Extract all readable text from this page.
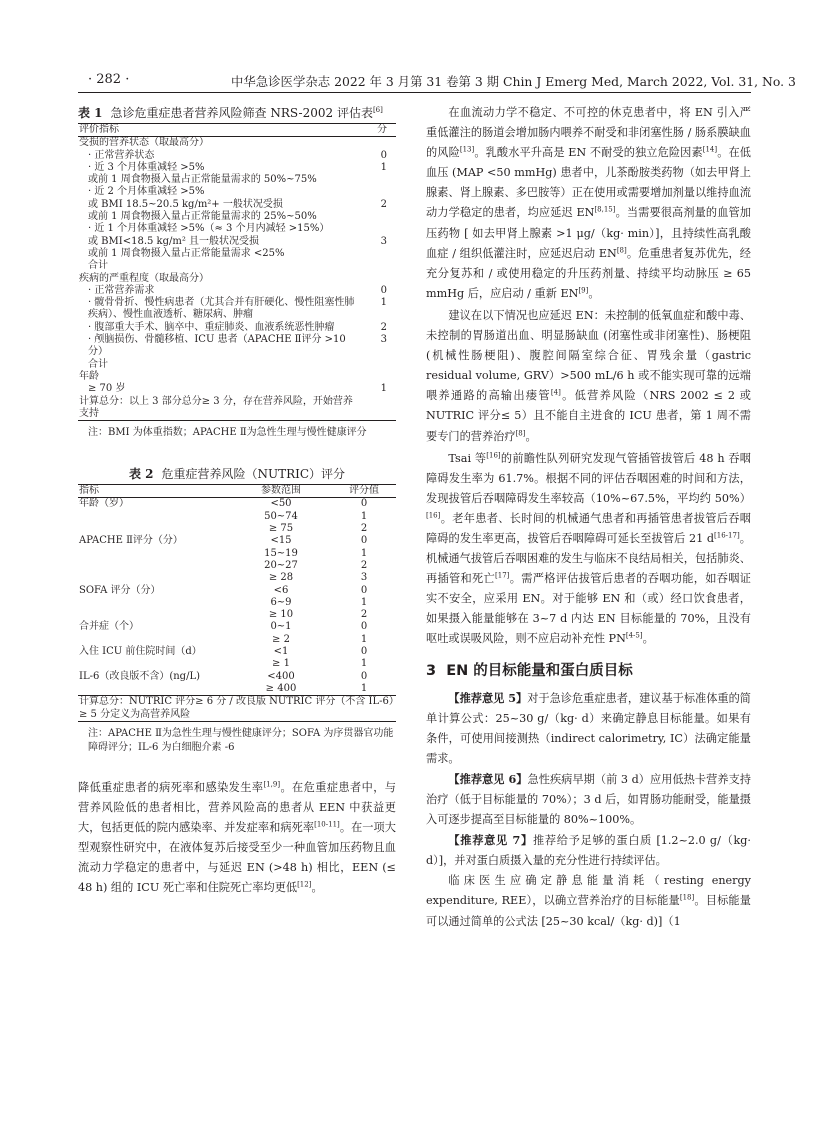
· 282 ·	中华急诊医学杂志 2022 年 3 月第 31 卷第 3 期 Chin J Emerg Med, March 2022, Vol. 31, No. 3
表 1 急诊危重症患者营养风险筛查 NRS-2002 评估表[6]
评价指标	分
受损的营养状态（取最高分）	
· 正常营养状态	0
· 近 3 个月体重减轻 >5%	1
或前 1 周食物摄入量占正常能量需求的 50%~75%	
· 近 2 个月体重减轻 >5%	
或 BMI 18.5~20.5 kg/m²+ 一般状况受损	2
或前 1 周食物摄入量占正常能量需求的 25%~50%	
· 近 1 个月体重减轻 >5%（≈ 3 个月内减轻 >15%）	
或 BMI<18.5 kg/m² 且一般状况受损	3
或前 1 周食物摄入量占正常能量需求 <25%	
合计	
疾病的严重程度（取最高分）	
· 正常营养需求	0
· 髋骨骨折、慢性病患者（尤其合并有肝硬化、慢性阻塞性肺疾病）、慢性血液透析、糖尿病、肿瘤	1
· 腹部重大手术、脑卒中、重症肺炎、血液系统恶性肿瘤	2
· 颅脑损伤、骨髓移植、ICU 患者（APACHE Ⅱ评分 >10 分）	3
合计	
年龄	
≥ 70 岁	1
计算总分：以上 3 部分总分≥ 3 分，存在营养风险，开始营养支持	
注：BMI 为体重指数；APACHE Ⅱ为急性生理与慢性健康评分
表 2 危重症营养风险（NUTRIC）评分
指标	参数范围	评分值
年龄（岁）	<50	0
	50~74	1
	≥ 75	2
APACHE Ⅱ评分（分）	<15	0
	15~19	1
	20~27	2
	≥ 28	3
SOFA 评分（分）	<6	0
	6~9	1
	≥ 10	2
合并症（个）	0~1	0
	≥ 2	1
入住 ICU 前住院时间（d）	<1	0
	≥ 1	1
IL-6（改良版不含）(ng/L)	<400	0
	≥ 400	1
计算总分：NUTRIC 评分≥ 6 分 / 改良版 NUTRIC 评分（不含 IL-6）≥ 5 分定义为高营养风险		
注：APACHE Ⅱ为急性生理与慢性健康评分；SOFA 为序贯器官功能障碍评分；IL-6 为白细胞介素 -6

降低重症患者的病死率和感染发生率[1,9]。在危重症患者中，与营养风险低的患者相比，营养风险高的患者从 EEN 中获益更大，包括更低的院内感染率、并发症率和病死率[10-11]。在一项大型观察性研究中，在液体复苏后接受至少一种血管加压药物且血流动力学稳定的患者中，与延迟 EN (>48 h) 相比，EEN (≤ 48 h) 组的 ICU 死亡率和住院死亡率均更低[12]。

在血流动力学不稳定、不可控的休克患者中，将 EN 引入严重低灌注的肠道会增加肠内喂养不耐受和非闭塞性肠 / 肠系膜缺血的风险[13]。乳酸水平升高是 EN 不耐受的独立危险因素[14]。在低血压 (MAP <50 mmHg) 患者中，儿茶酚胺类药物（如去甲肾上腺素、肾上腺素、多巴胺等）正在使用或需要增加剂量以维持血流动力学稳定的患者，均应延迟 EN[8,15]。当需要很高剂量的血管加压药物 [ 如去甲肾上腺素 >1 μg/（kg· min）]，且持续性高乳酸血症 / 组织低灌注时，应延迟启动 EN[8]。危重患者复苏优先，经充分复苏和 / 或使用稳定的升压药剂量、持续平均动脉压 ≥ 65 mmHg 后，应启动 / 重新 EN[9]。

建议在以下情况也应延迟 EN：未控制的低氧血症和酸中毒、未控制的胃肠道出血、明显肠缺血 (闭塞性或非闭塞性)、肠梗阻 (机械性肠梗阻)、腹腔间隔室综合征、胃残余量（gastric residual volume, GRV）>500 mL/6 h 或不能实现可靠的远端喂养通路的高输出瘘管[4]。低营养风险（NRS 2002 ≤ 2 或 NUTRIC 评分≤ 5）且不能自主进食的 ICU 患者，第 1 周不需要专门的营养治疗[8]。

Tsai 等[16]的前瞻性队列研究发现气管插管拔管后 48 h 吞咽障碍发生率为 61.7%。根据不同的评估吞咽困难的时间和方法，发现拔管后吞咽障碍发生率较高（10%~67.5%，平均约 50%）[16]。老年患者、长时间的机械通气患者和再插管患者拔管后吞咽障碍的发生率更高，拔管后吞咽障碍可延长至拔管后 21 d[16-17]。机械通气拔管后吞咽困难的发生与临床不良结局相关，包括肺炎、再插管和死亡[17]。需严格评估拔管后患者的吞咽功能，如吞咽证实不安全，应采用 EN。对于能够 EN 和（或）经口饮食患者，如果摄入能量能够在 3~7 d 内达 EN 目标能量的 70%，且没有呕吐或误吸风险，则不应启动补充性 PN[4-5]。

3 EN 的目标能量和蛋白质目标

【推荐意见 5】对于急诊危重症患者，建议基于标准体重的简单计算公式：25~30 g/（kg· d）来确定静息目标能量。如果有条件，可使用间接测热（indirect calorimetry, IC）法确定能量需求。

【推荐意见 6】急性疾病早期（前 3 d）应用低热卡营养支持治疗（低于目标能量的 70%）；3 d 后，如胃肠功能耐受，能量摄入可逐步提高至目标能量的 80%~100%。

【推荐意见 7】推荐给予足够的蛋白质 [1.2~2.0 g/（kg· d）]，并对蛋白质摄入量的充分性进行持续评估。

临床医生应确定静息能量消耗（resting energy expenditure, REE），以确立营养治疗的目标能量[18]。目标能量可以通过简单的公式法 [25~30 kcal/（kg· d)]（1
